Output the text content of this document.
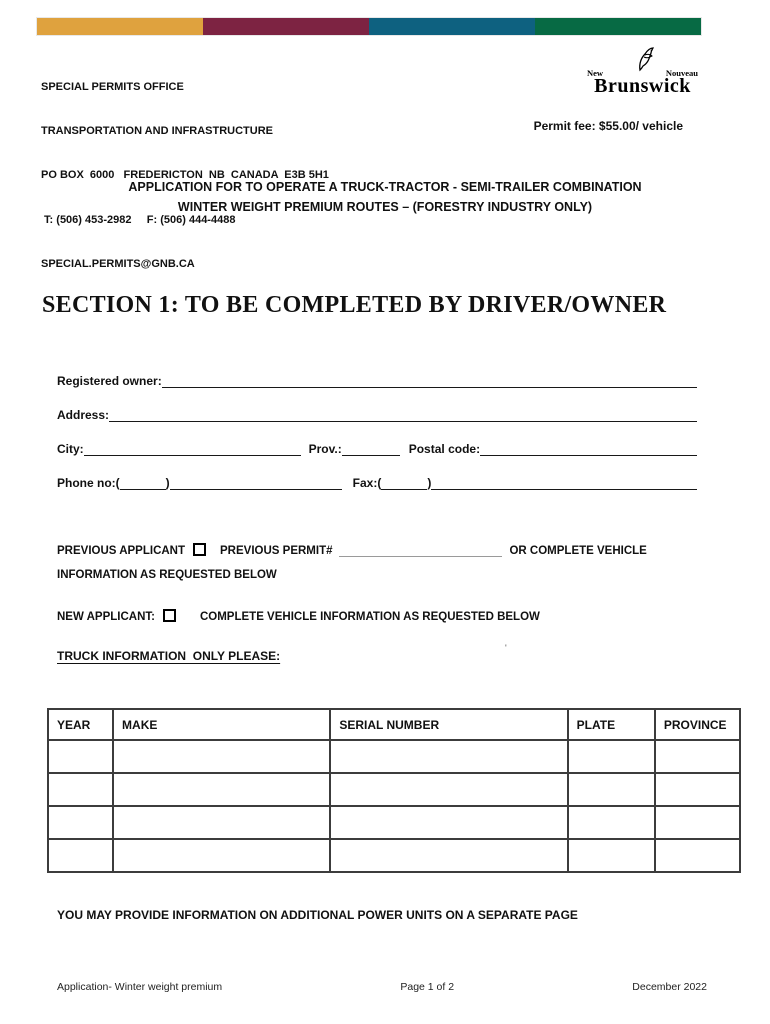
SPECIAL PERMITS OFFICE

TRANSPORTATION AND INFRASTRUCTURE

PO BOX  6000   FREDERICTON  NB  CANADA  E3B 5H1

T: (506) 453-2982     F: (506) 444-4488

SPECIAL.PERMITS@GNB.CA

New	Nouveau
Brunswick
Permit fee: $55.00/ vehicle
APPLICATION FOR TO OPERATE A TRUCK-TRACTOR - SEMI-TRAILER COMBINATION
WINTER WEIGHT PREMIUM ROUTES – (FORESTRY INDUSTRY ONLY)
SECTION 1: TO BE COMPLETED BY DRIVER/OWNER
Registered owner:
Address:
City:	Prov.:	Postal code:
Phone no:(	)	Fax:(	)
PREVIOUS APPLICANT	PREVIOUS PERMIT#	OR COMPLETE VEHICLE
INFORMATION AS REQUESTED BELOW
NEW APPLICANT:	COMPLETE VEHICLE INFORMATION AS REQUESTED BELOW
TRUCK INFORMATION  ONLY PLEASE:
'
YEAR	MAKE	SERIAL NUMBER	PLATE	PROVINCE

YOU MAY PROVIDE INFORMATION ON ADDITIONAL POWER UNITS ON A SEPARATE PAGE
Application- Winter weight premium	Page 1 of 2	December 2022
